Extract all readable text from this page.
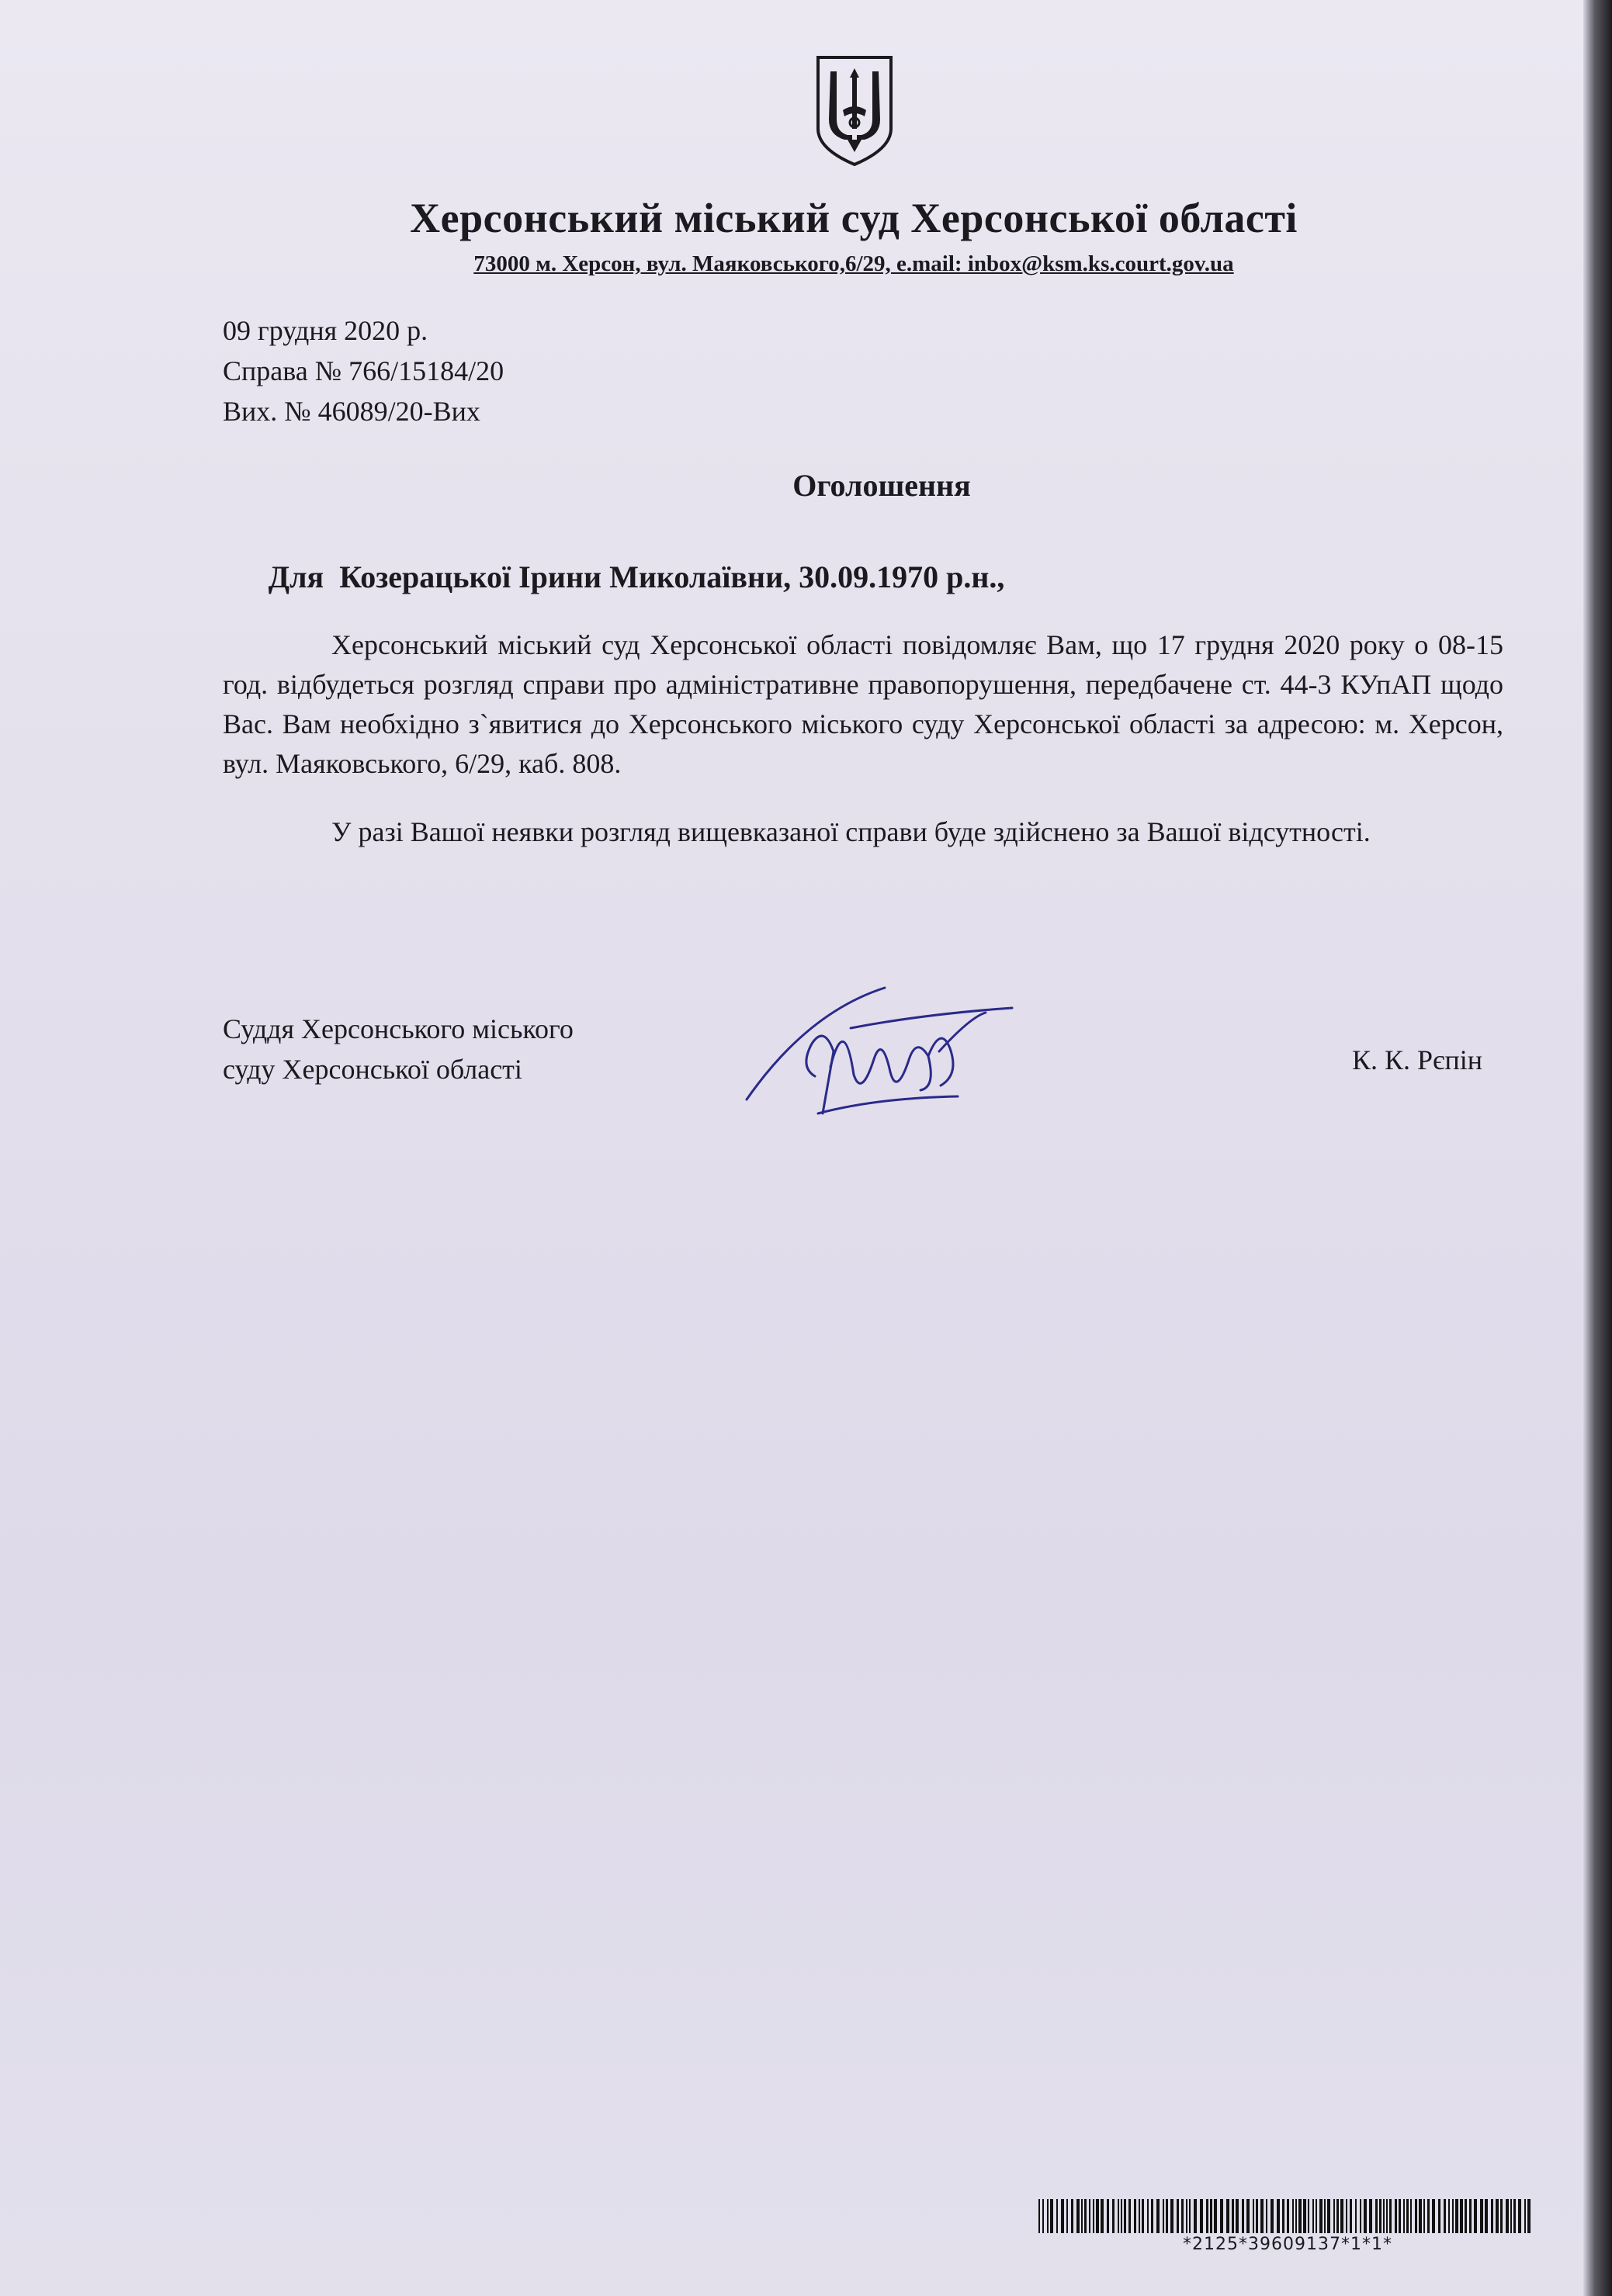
Херсонський міський суд Херсонської області
73000 м. Херсон, вул. Маяковського,6/29, e.mail: inbox@ksm.ks.court.gov.ua
09 грудня 2020 р.
Справа № 766/15184/20
Вих. № 46089/20-Вих
Оголошення
Для  Козерацької Ірини Миколаївни, 30.09.1970 р.н.,

Херсонський міський суд Херсонської області повідомляє Вам, що 17 грудня 2020 року о 08-15 год. відбудеться розгляд справи про адміністративне правопорушення, передбачене ст. 44-3 КУпАП щодо Вас. Вам необхідно з`явитися до Херсонського міського суду Херсонської області за адресою: м. Херсон, вул. Маяковського, 6/29, каб. 808.

У разі Вашої неявки розгляд вищевказаної справи буде здійснено за Вашої відсутності.

Суддя Херсонського міського
суду Херсонської області	К. К. Рєпін
*2125*39609137*1*1*
